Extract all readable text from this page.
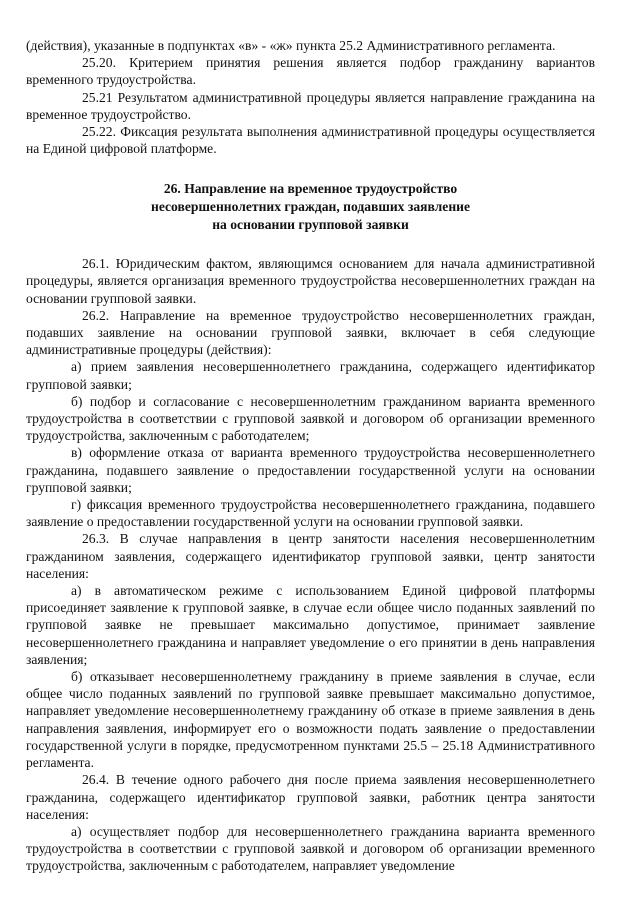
(действия), указанные в подпунктах «в» - «ж» пункта 25.2 Административного регламента.

25.20. Критерием принятия решения является подбор гражданину вариантов временного трудоустройства.

25.21 Результатом административной процедуры является направление гражданина на временное трудоустройство.

25.22. Фиксация результата выполнения административной процедуры осуществляется на Единой цифровой платформе.

26. Направление на временное трудоустройство
несовершеннолетних граждан, подавших заявление
на основании групповой заявки

26.1. Юридическим фактом, являющимся основанием для начала административной процедуры, является организация временного трудоустройства несовершеннолетних граждан на основании групповой заявки.

26.2. Направление на временное трудоустройство несовершеннолетних граждан, подавших заявление на основании групповой заявки, включает в себя следующие административные процедуры (действия):

а) прием заявления несовершеннолетнего гражданина, содержащего идентификатор групповой заявки;

б) подбор и согласование с несовершеннолетним гражданином варианта временного трудоустройства в соответствии с групповой заявкой и договором об организации временного трудоустройства, заключенным с работодателем;

в) оформление отказа от варианта временного трудоустройства несовершеннолетнего гражданина, подавшего заявление о предоставлении государственной услуги на основании групповой заявки;

г) фиксация временного трудоустройства несовершеннолетнего гражданина, подавшего заявление о предоставлении государственной услуги на основании групповой заявки.

26.3. В случае направления в центр занятости населения несовершеннолетним гражданином заявления, содержащего идентификатор групповой заявки, центр занятости населения:

а) в автоматическом режиме с использованием Единой цифровой платформы присоединяет заявление к групповой заявке, в случае если общее число поданных заявлений по групповой заявке не превышает максимально допустимое, принимает заявление несовершеннолетнего гражданина и направляет уведомление о его принятии в день направления заявления;

б) отказывает несовершеннолетнему гражданину в приеме заявления в случае, если общее число поданных заявлений по групповой заявке превышает максимально допустимое, направляет уведомление несовершеннолетнему гражданину об отказе в приеме заявления в день направления заявления, информирует его о возможности подать заявление о предоставлении государственной услуги в порядке, предусмотренном пунктами 25.5 – 25.18 Административного регламента.

26.4. В течение одного рабочего дня после приема заявления несовершеннолетнего гражданина, содержащего идентификатор групповой заявки, работник центра занятости населения:

а) осуществляет подбор для несовершеннолетнего гражданина варианта временного трудоустройства в соответствии с групповой заявкой и договором об организации временного трудоустройства, заключенным с работодателем, направляет уведомление
